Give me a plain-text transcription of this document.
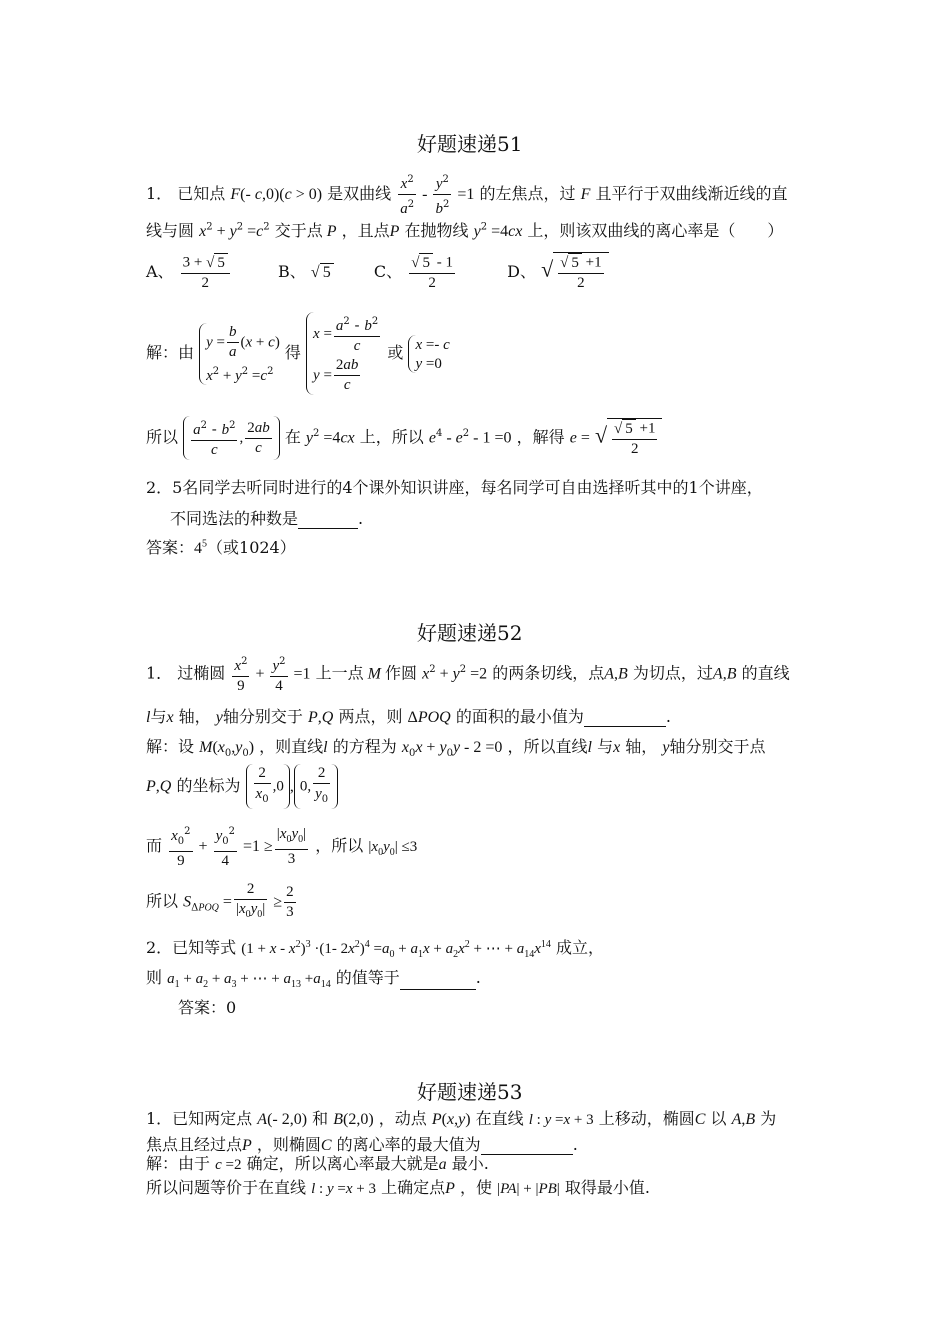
好题速递51
1． 已知点 F(- c,0)(c > 0) 是双曲线 $\frac{x^2}{a^2} - \frac{y^2}{b^2} =1$ 的左焦点，过 F 且平行于双曲线渐近线的直
线与圆 $x^2 + y^2 =c^2$ 交于点 P ，且点P 在抛物线 $y^2 =4cx$ 上，则该双曲线的离心率是（　　）
A、 $\frac{3 + √ 5}{2}$	B、 √ 5	C、 $\frac{√ 5 - 1}{2}$	D、 √ $\frac{√ 5 +1}{2}$
解：由
$y = \frac{b}{a} (x + c)$
$x^2 + y^2 =c^2$
得
$x = \frac{a^2 - b^2}{c}$
$y = \frac{2ab}{c}$
或 x =- c
y =0
所以 $\frac{a^2 - b^2}{c}$ , $\frac{2ab}{c}$ 在 $y^2 =4cx$ 上，所以 $e^4 - e^2 - 1 =0$ ，解得 e = √ $\frac{√ 5 +1}{2}$
2．5名同学去听同时进行的4个课外知识讲座，每名同学可自由选择听其中的1个讲座，
不同选法的种数是	.
答案：$4^5$（或1024）
好题速递52
1． 过椭圆 $\frac{x^2}{9} + \frac{y^2}{4} =1$ 上一点 M 作圆 $x^2 + y^2 =2$ 的两条切线，点A,B 为切点，过A,B 的直线
l与x 轴， y轴分别交于 P,Q 两点，则 ΔPOQ 的面积的最小值为	.
解：设 $M(x_0,y_0)$ ，则直线l 的方程为 $x_0x + y_0y - 2 =0$ ，所以直线l 与x 轴， y轴分别交于点
P,Q 的坐标为 $\frac{2}{x_0} ,0$ , 0, $\frac{2}{y_0}$
而 $\frac{x_0^2}{9} + \frac{y_0^2}{4} =1 \ge \frac{|x_0y_0|}{3}$ ，所以 $|x_0y_0| \le 3$
所以 $S_{\Delta POQ} = \frac{2}{|x_0y_0|} \ge \frac{2}{3}$
2．已知等式 $(1 + x - x^2)^3 \cdot(1-$ $2x^2)^4 =a_0 + a_1x + a_2x^2$ + ⋯ + $a_{14}x^{14}$ 成立，
则 $a_1 + a_2 + a_3$ + ⋯ + $a_{13} +a_{14}$ 的值等于	.
答案：0
好题速递53
1．已知两定点 A(- 2,0) 和 B(2,0) ，动点 P(x,y) 在直线 l : y =x + 3 上移动，椭圆C 以 A,B 为
焦点且经过点P ，则椭圆C 的离心率的最大值为	.
解：由于 c =2 确定，所以离心率最大就是a 最小.
所以问题等价于在直线 l : y =x + 3 上确定点P ，使 |PA| + |PB| 取得最小值.
